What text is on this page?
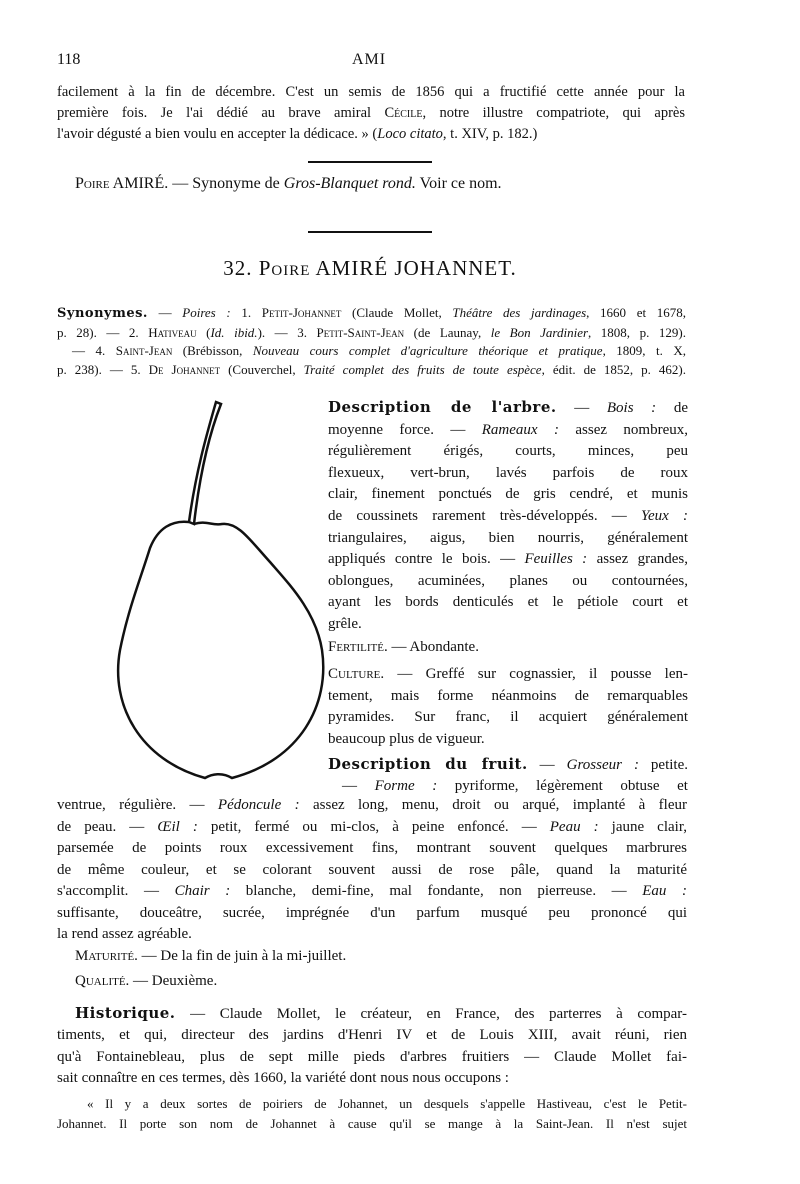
118	AMI
facilement à la fin de décembre. C'est un semis de 1856 qui a fructifié cette année pour la
première fois. Je l'ai dédié au brave amiral Cécile, notre illustre compatriote, qui après
l'avoir dégusté a bien voulu en accepter la dédicace. » (Loco citato, t. XIV, p. 182.)
Poire AMIRÉ. — Synonyme de Gros-Blanquet rond. Voir ce nom.
32. Poire AMIRÉ JOHANNET.
Synonymes. — Poires : 1. Petit-Johannet (Claude Mollet, Théâtre des jardinages, 1660 et 1678,
p. 28). — 2. Hativeau (Id. ibid.). — 3. Petit-Saint-Jean (de Launay, le Bon Jardinier, 1808, p. 129).
— 4. Saint-Jean (Brébisson, Nouveau cours complet d'agriculture théorique et pratique, 1809, t. X,
p. 238). — 5. De Johannet (Couverchel, Traité complet des fruits de toute espèce, édit. de 1852, p. 462).
Description de l'arbre. — Bois : de
moyenne force. — Rameaux : assez nombreux,
régulièrement érigés, courts, minces, peu
flexueux, vert-brun, lavés parfois de roux
clair, finement ponctués de gris cendré, et munis
de coussinets rarement très-développés. — Yeux :
triangulaires, aigus, bien nourris, généralement
appliqués contre le bois. — Feuilles : assez grandes,
oblongues, acuminées, planes ou contournées,
ayant les bords denticulés et le pétiole court et
grêle.
Fertilité. — Abondante.
Culture. — Greffé sur cognassier, il pousse len-
tement, mais forme néanmoins de remarquables
pyramides. Sur franc, il acquiert généralement
beaucoup plus de vigueur.
Description du fruit. — Grosseur : petite.
— Forme : pyriforme, légèrement obtuse et
ventrue, régulière. — Pédoncule : assez long, menu, droit ou arqué, implanté à fleur
de peau. — Œil : petit, fermé ou mi-clos, à peine enfoncé. — Peau : jaune clair,
parsemée de points roux excessivement fins, montrant souvent quelques marbrures
de même couleur, et se colorant souvent aussi de rose pâle, quand la maturité
s'accomplit. — Chair : blanche, demi-fine, mal fondante, non pierreuse. — Eau :
suffisante, douceâtre, sucrée, imprégnée d'un parfum musqué peu prononcé qui
la rend assez agréable.
Maturité. — De la fin de juin à la mi-juillet.
Qualité. — Deuxième.
Historique. — Claude Mollet, le créateur, en France, des parterres à compar-
timents, et qui, directeur des jardins d'Henri IV et de Louis XIII, avait réuni, rien
qu'à Fontainebleau, plus de sept mille pieds d'arbres fruitiers — Claude Mollet fai-
sait connaître en ces termes, dès 1660, la variété dont nous nous occupons :
« Il y a deux sortes de poiriers de Johannet, un desquels s'appelle Hastiveau, c'est le Petit-
Johannet. Il porte son nom de Johannet à cause qu'il se mange à la Saint-Jean. Il n'est sujet
